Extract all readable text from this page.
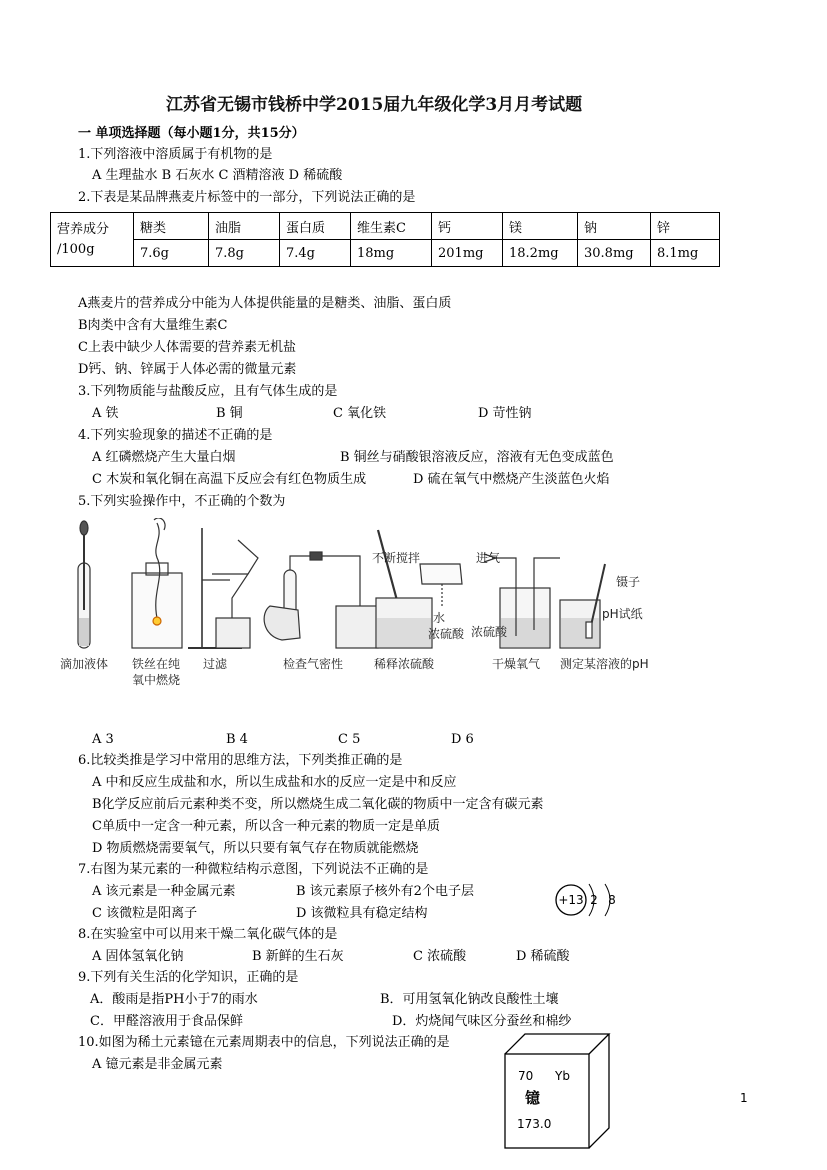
江苏省无锡市钱桥中学2015届九年级化学3月月考试题
一 单项选择题（每小题1分，共15分）
1.下列溶液中溶质属于有机物的是
A 生理盐水 B 石灰水 C 酒精溶液 D 稀硫酸
2.下表是某品牌燕麦片标签中的一部分，下列说法正确的是
营养成分
/100g	糖类	油脂	蛋白质	维生素C	钙	镁	钠	锌
	7.6g	7.8g	7.4g	18mg	201mg	18.2mg	30.8mg	8.1mg
A燕麦片的营养成分中能为人体提供能量的是糖类、油脂、蛋白质
B肉类中含有大量维生素C
C上表中缺少人体需要的营养素无机盐
D钙、钠、锌属于人体必需的微量元素
3.下列物质能与盐酸反应，且有气体生成的是
A 铁	B 铜	C 氧化铁	D 苛性钠
4.下列实验现象的描述不正确的是
A 红磷燃烧产生大量白烟	B 铜丝与硝酸银溶液反应，溶液有无色变成蓝色
C 木炭和氧化铜在高温下反应会有红色物质生成	D 硫在氧气中燃烧产生淡蓝色火焰
5.下列实验操作中，不正确的个数为
滴加液体 铁丝在纯
氧中燃烧
过滤	检查气密性
不断搅拌
水
浓硫酸
稀释浓硫酸
进气
浓硫酸
干燥氧气
镊子
pH试纸
测定某溶液的pH
A 3	B 4	C 5	D 6
6.比较类推是学习中常用的思维方法，下列类推正确的是
A 中和反应生成盐和水，所以生成盐和水的反应一定是中和反应
B化学反应前后元素种类不变，所以燃烧生成二氧化碳的物质中一定含有碳元素
C单质中一定含一种元素，所以含一种元素的物质一定是单质
D 物质燃烧需要氧气，所以只要有氧气存在物质就能燃烧
7.右图为某元素的一种微粒结构示意图，下列说法不正确的是
A 该元素是一种金属元素	B 该元素原子核外有2个电子层
C 该微粒是阳离子	D 该微粒具有稳定结构
+13 2 8
8.在实验室中可以用来干燥二氧化碳气体的是
A 固体氢氧化钠	B 新鲜的生石灰	C 浓硫酸	D 稀硫酸
9.下列有关生活的化学知识，正确的是
A．酸雨是指PH小于7的雨水	B．可用氢氧化钠改良酸性土壤
C．甲醛溶液用于食品保鲜	D．灼烧闻气味区分蚕丝和棉纱
10.如图为稀土元素镱在元素周期表中的信息，下列说法正确的是
A 镱元素是非金属元素
70 Yb
镱
173.0
1
